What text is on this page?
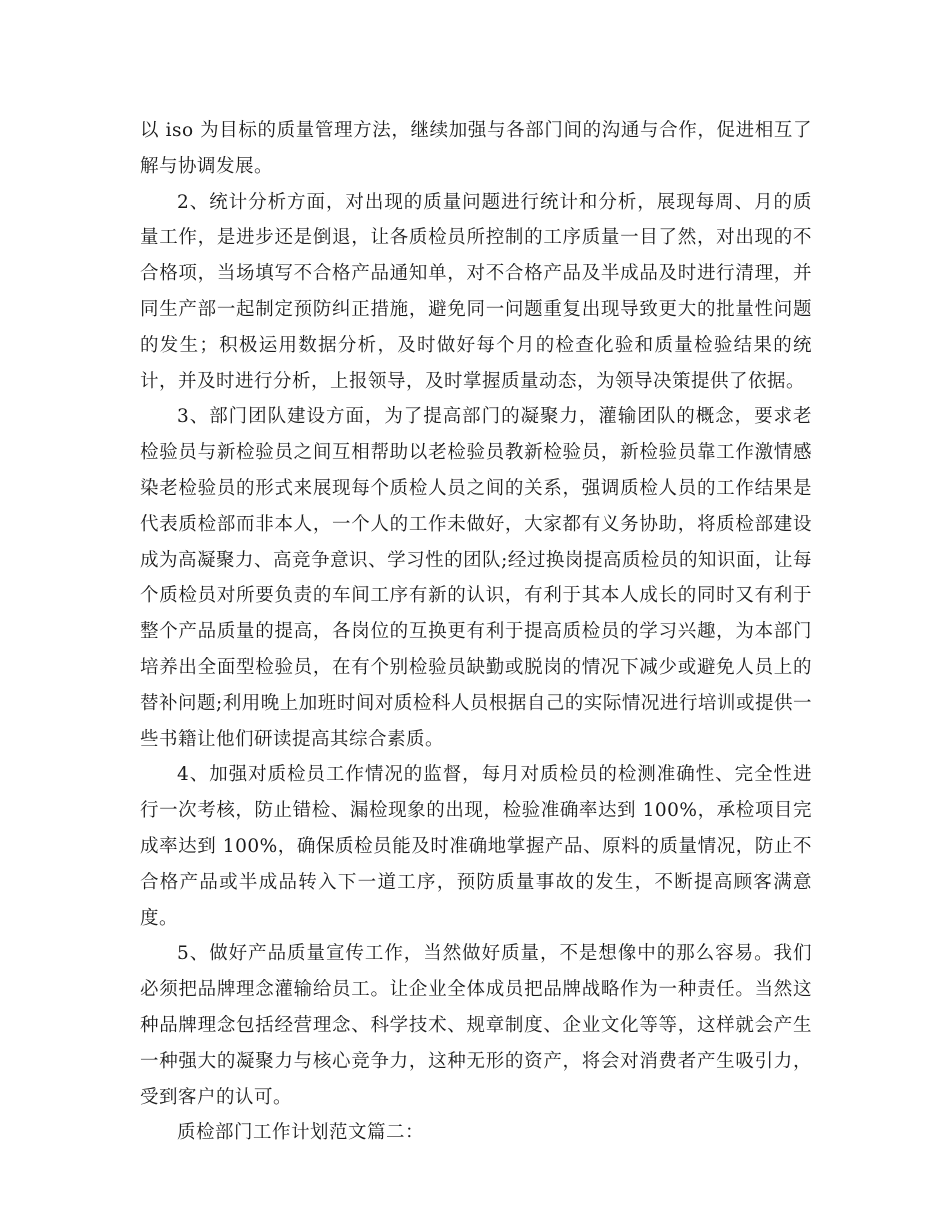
以 iso 为目标的质量管理方法，继续加强与各部门间的沟通与合作，促进相互了解与协调发展。

2、统计分析方面，对出现的质量问题进行统计和分析，展现每周、月的质量工作，是进步还是倒退，让各质检员所控制的工序质量一目了然，对出现的不合格项，当场填写不合格产品通知单，对不合格产品及半成品及时进行清理，并同生产部一起制定预防纠正措施，避免同一问题重复出现导致更大的批量性问题的发生；积极运用数据分析，及时做好每个月的检查化验和质量检验结果的统计，并及时进行分析，上报领导，及时掌握质量动态，为领导决策提供了依据。

3、部门团队建设方面，为了提高部门的凝聚力，灌输团队的概念，要求老检验员与新检验员之间互相帮助以老检验员教新检验员，新检验员靠工作激情感染老检验员的形式来展现每个质检人员之间的关系，强调质检人员的工作结果是代表质检部而非本人，一个人的工作未做好，大家都有义务协助，将质检部建设成为高凝聚力、高竞争意识、学习性的团队;经过换岗提高质检员的知识面，让每个质检员对所要负责的车间工序有新的认识，有利于其本人成长的同时又有利于整个产品质量的提高，各岗位的互换更有利于提高质检员的学习兴趣，为本部门培养出全面型检验员，在有个别检验员缺勤或脱岗的情况下减少或避免人员上的替补问题;利用晚上加班时间对质检科人员根据自己的实际情况进行培训或提供一些书籍让他们研读提高其综合素质。

4、加强对质检员工作情况的监督，每月对质检员的检测准确性、完全性进行一次考核，防止错检、漏检现象的出现，检验准确率达到 100%，承检项目完成率达到 100%，确保质检员能及时准确地掌握产品、原料的质量情况，防止不合格产品或半成品转入下一道工序，预防质量事故的发生，不断提高顾客满意度。

5、做好产品质量宣传工作，当然做好质量，不是想像中的那么容易。我们必须把品牌理念灌输给员工。让企业全体成员把品牌战略作为一种责任。当然这种品牌理念包括经营理念、科学技术、规章制度、企业文化等等，这样就会产生一种强大的凝聚力与核心竞争力，这种无形的资产，将会对消费者产生吸引力，受到客户的认可。

质检部门工作计划范文篇二：
